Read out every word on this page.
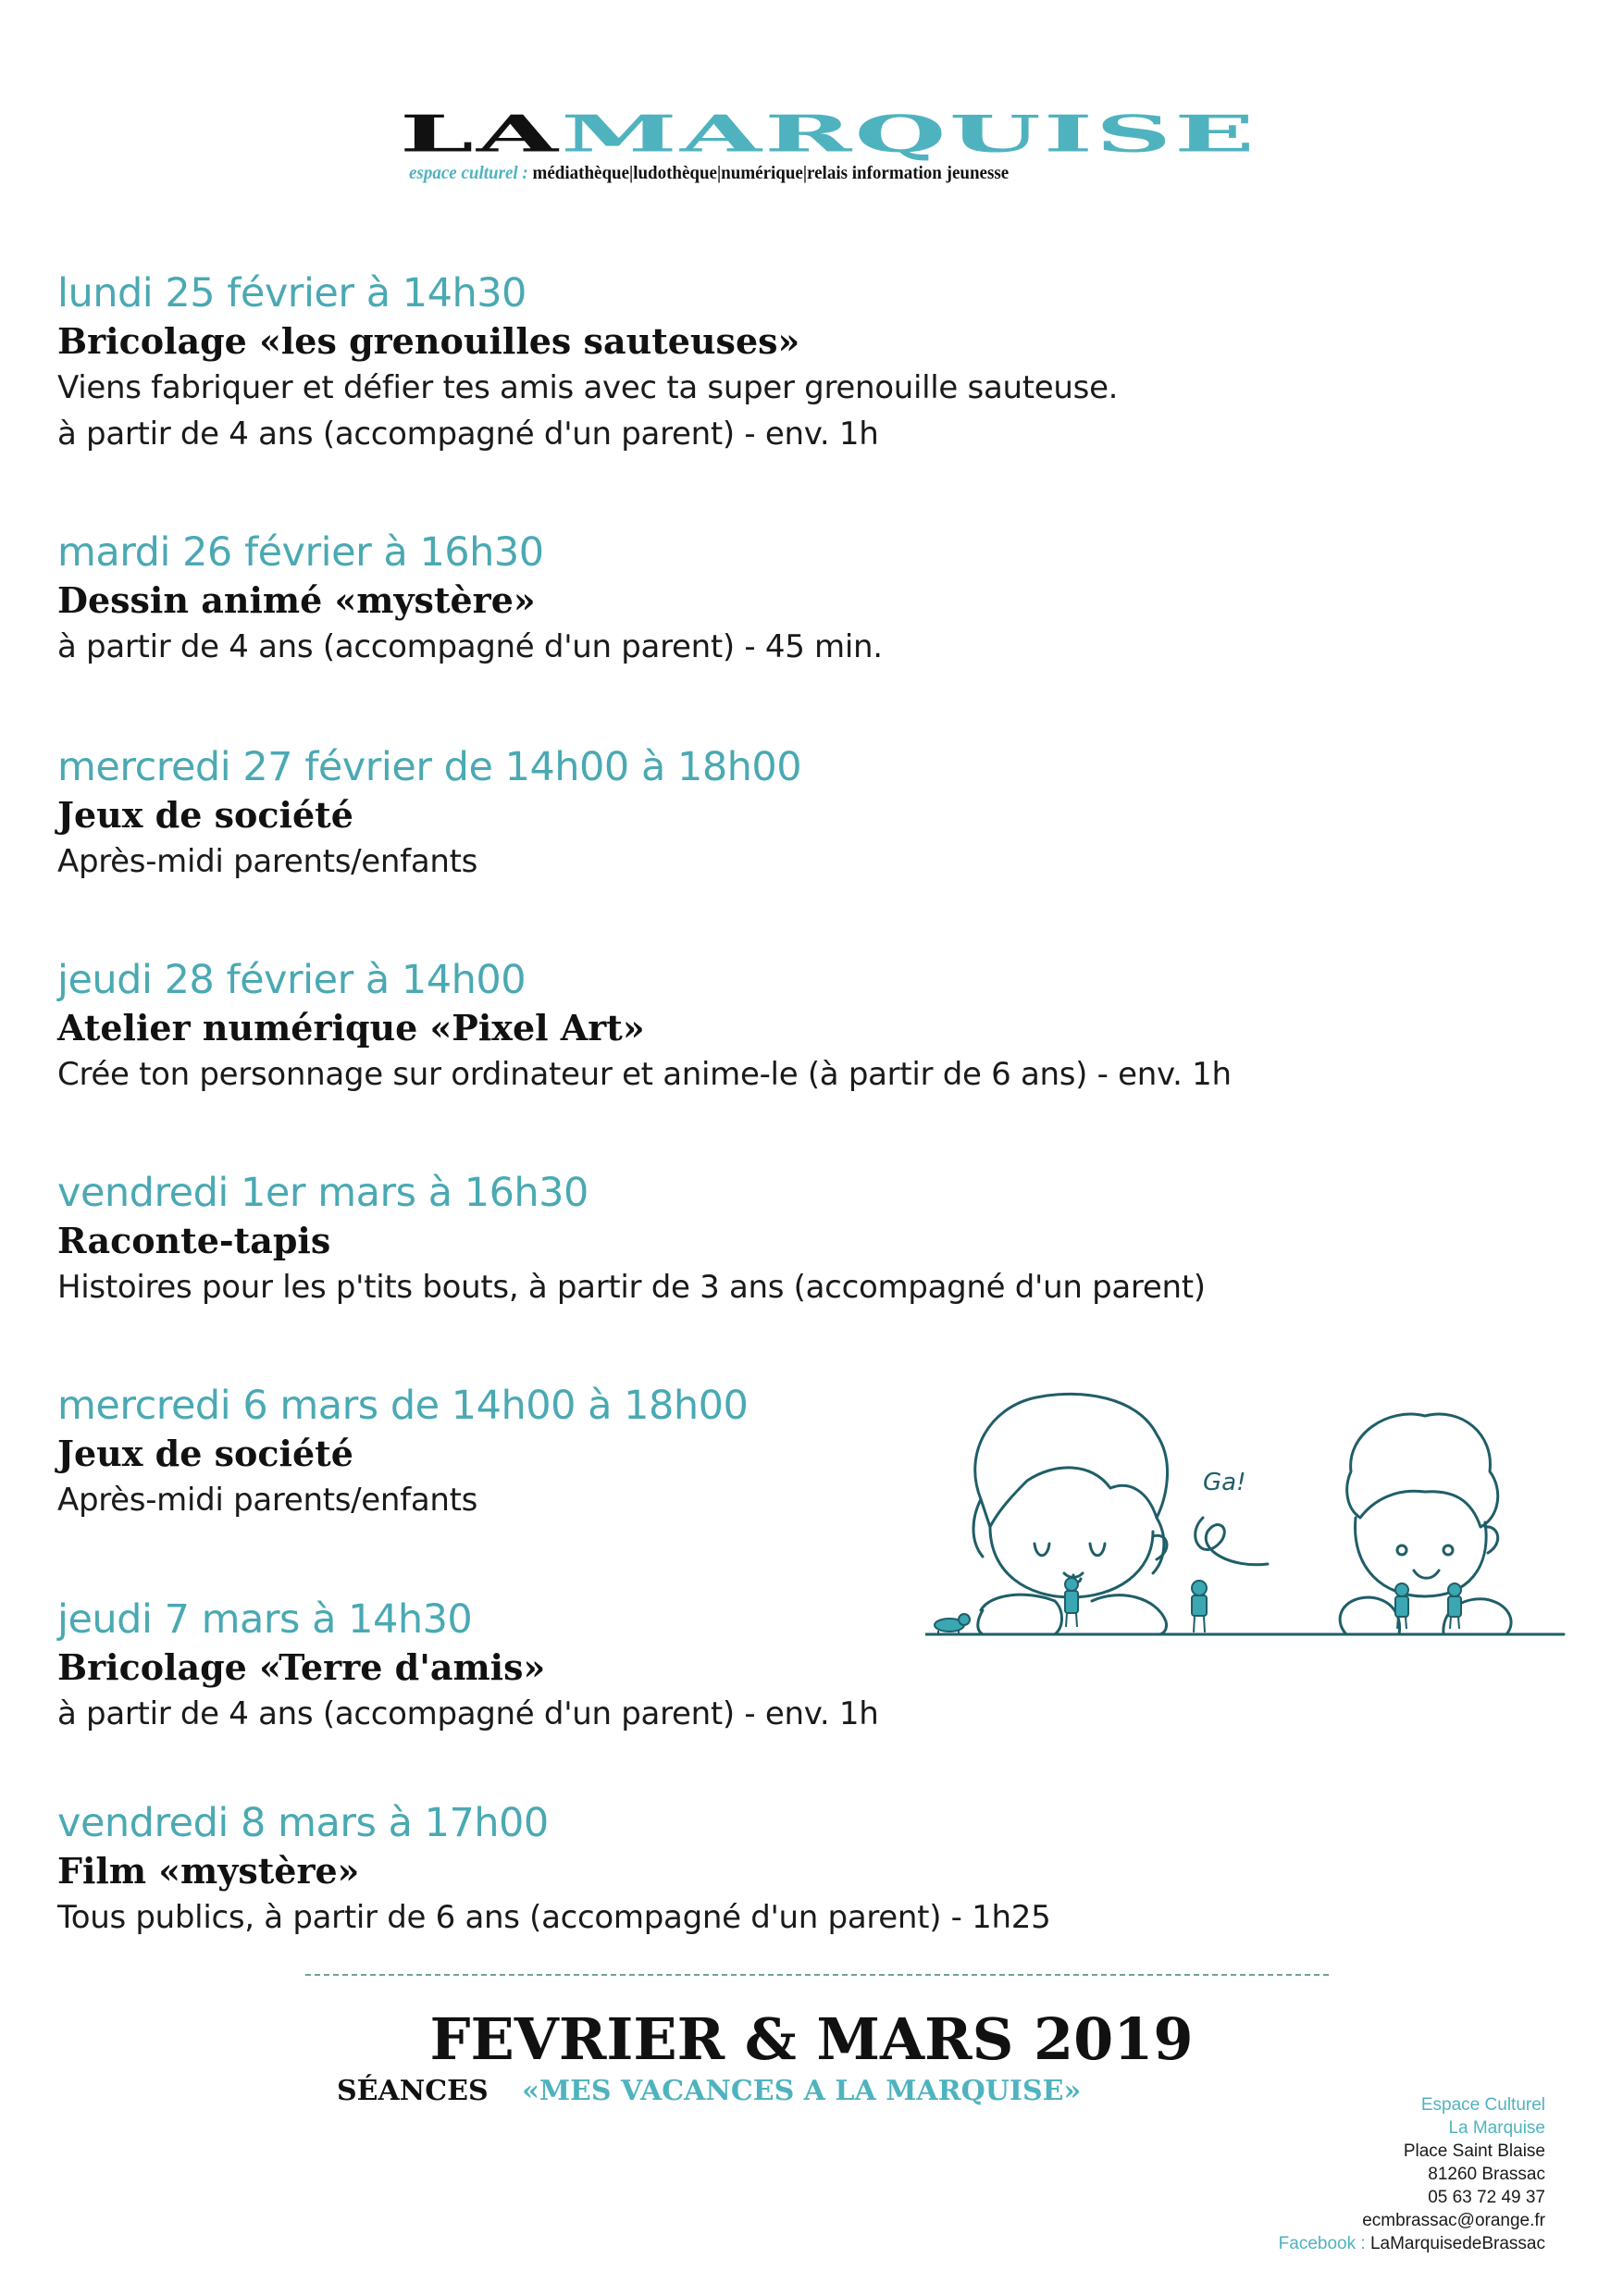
LAMARQUISE
espace culturel : médiathèque|ludothèque|numérique|relais information jeunesse
lundi 25 février à 14h30
Bricolage «les grenouilles sauteuses»
Viens fabriquer et défier tes amis avec ta super grenouille sauteuse.
à partir de 4 ans (accompagné d'un parent) - env. 1h
mardi 26 février à 16h30
Dessin animé «mystère»
à partir de 4 ans (accompagné d'un parent) - 45 min.
mercredi 27 février de 14h00 à 18h00
Jeux de société
Après-midi parents/enfants
jeudi 28 février à 14h00
Atelier numérique «Pixel Art»
Crée ton personnage sur ordinateur et anime-le (à partir de 6 ans) - env. 1h
vendredi 1er mars à 16h30
Raconte-tapis
Histoires pour les p'tits bouts, à partir de 3 ans (accompagné d'un parent)
mercredi 6 mars de 14h00 à 18h00
Jeux de société
Après-midi parents/enfants
jeudi 7 mars à 14h30
Bricolage «Terre d'amis»
à partir de 4 ans (accompagné d'un parent) - env. 1h
vendredi 8 mars à 17h00
Film «mystère»
Tous publics, à partir de 6 ans (accompagné d'un parent) - 1h25
Ga!
FEVRIER & MARS 2019
SÉANCES «MES VACANCES A LA MARQUISE»	Espace Culturel
La Marquise
Place Saint Blaise
81260 Brassac
05 63 72 49 37
ecmbrassac@orange.fr
Facebook : LaMarquisedeBrassac
